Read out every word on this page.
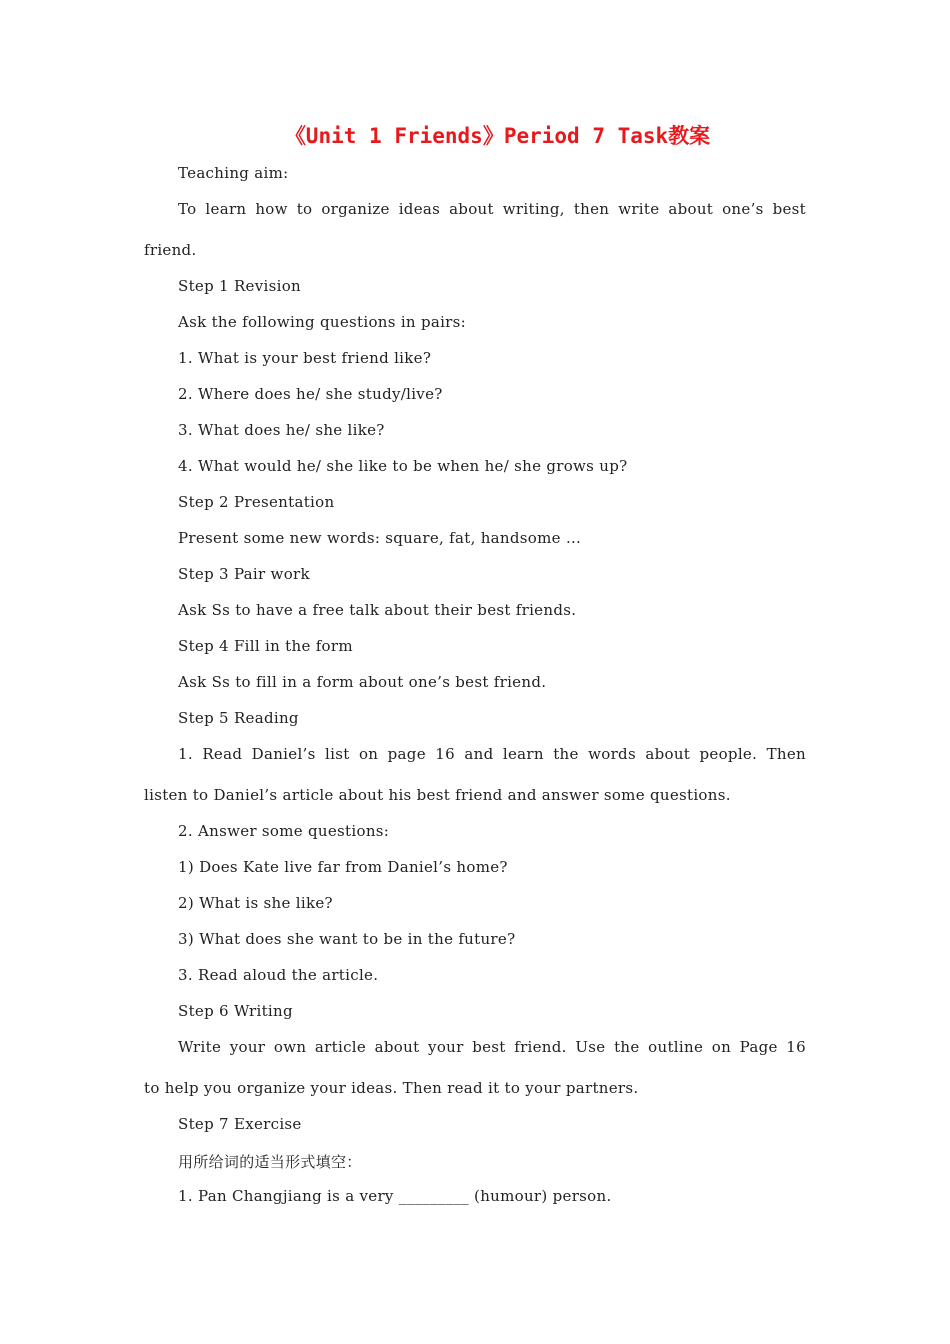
《Unit 1 Friends》Period 7 Task教案
Teaching aim:
To learn how to organize ideas about writing, then write about one’s best
friend.
Step 1 Revision
Ask the following questions in pairs:
1. What is your best friend like?
2. Where does he/ she study/live?
3. What does he/ she like?
4. What would he/ she like to be when he/ she grows up?
Step 2 Presentation
Present some new words: square, fat, handsome …
Step 3 Pair work
Ask Ss to have a free talk about their best friends.
Step 4 Fill in the form
Ask Ss to fill in a form about one’s best friend.
Step 5 Reading
1. Read Daniel’s list on page 16 and learn the words about people. Then
listen to Daniel’s article about his best friend and answer some questions.
2. Answer some questions:
1) Does Kate live far from Daniel’s home?
2) What is she like?
3) What does she want to be in the future?
3. Read aloud the article.
Step 6 Writing
Write your own article about your best friend. Use the outline on Page 16
to help you organize your ideas. Then read it to your partners.
Step 7 Exercise
用所给词的适当形式填空：
1. Pan Changjiang is a very _________ (humour) person.
